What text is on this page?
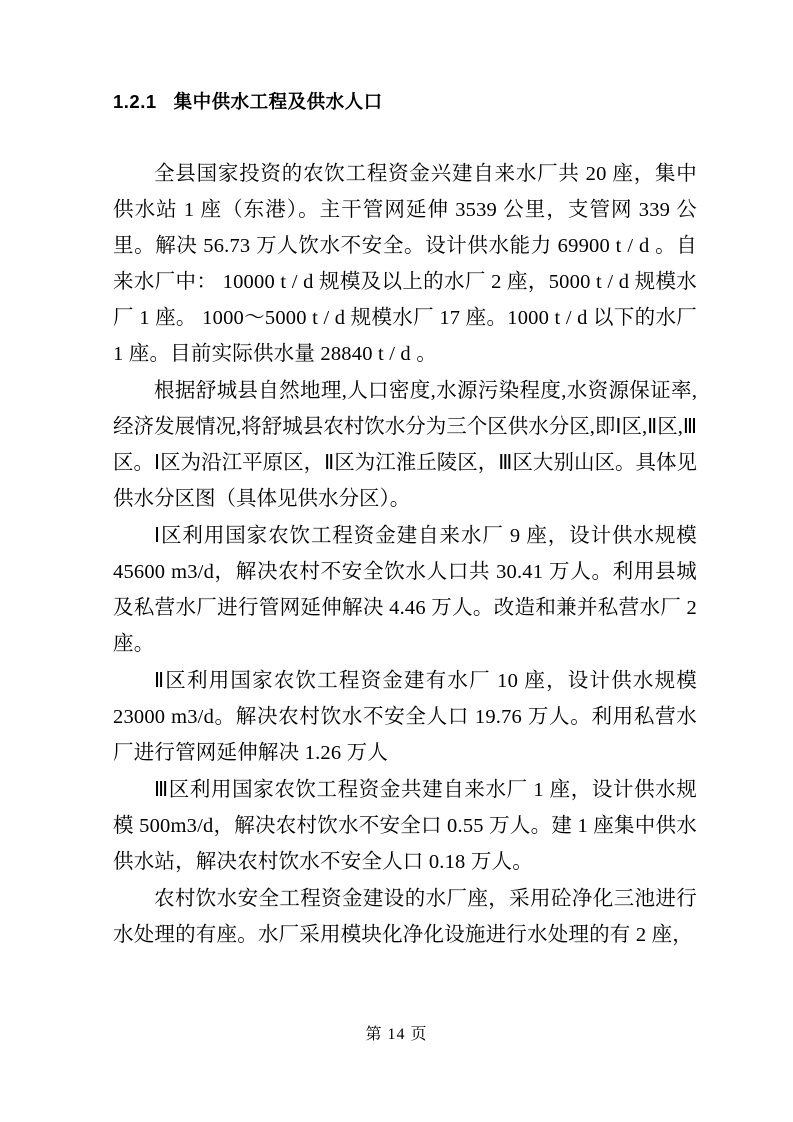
1.2.1   集中供水工程及供水人口

全县国家投资的农饮工程资金兴建自来水厂共 20 座，集中供水站 1 座（东港）。主干管网延伸 3539 公里，支管网 339 公里。解决 56.73 万人饮水不安全。设计供水能力 69900 t / d 。自来水厂中： 10000 t / d 规模及以上的水厂 2 座，5000 t / d 规模水厂 1 座。 1000～5000 t / d 规模水厂 17 座。1000 t / d 以下的水厂 1 座。目前实际供水量 28840 t / d 。

根据舒城县自然地理,人口密度,水源污染程度,水资源保证率,经济发展情况,将舒城县农村饮水分为三个区供水分区,即Ⅰ区,Ⅱ区,Ⅲ区。Ⅰ区为沿江平原区，Ⅱ区为江淮丘陵区，Ⅲ区大别山区。具体见供水分区图（具体见供水分区）。

Ⅰ区利用国家农饮工程资金建自来水厂 9 座，设计供水规模 45600 m3/d，解决农村不安全饮水人口共 30.41 万人。利用县城及私营水厂进行管网延伸解决 4.46 万人。改造和兼并私营水厂 2 座。

Ⅱ区利用国家农饮工程资金建有水厂 10 座，设计供水规模 23000 m3/d。解决农村饮水不安全人口 19.76 万人。利用私营水厂进行管网延伸解决 1.26 万人

Ⅲ区利用国家农饮工程资金共建自来水厂 1 座，设计供水规模 500m3/d，解决农村饮水不安全口 0.55 万人。建 1 座集中供水供水站，解决农村饮水不安全人口 0.18 万人。

农村饮水安全工程资金建设的水厂座，采用砼净化三池进行水处理的有座。水厂采用模块化净化设施进行水处理的有 2 座，

第 14 页
